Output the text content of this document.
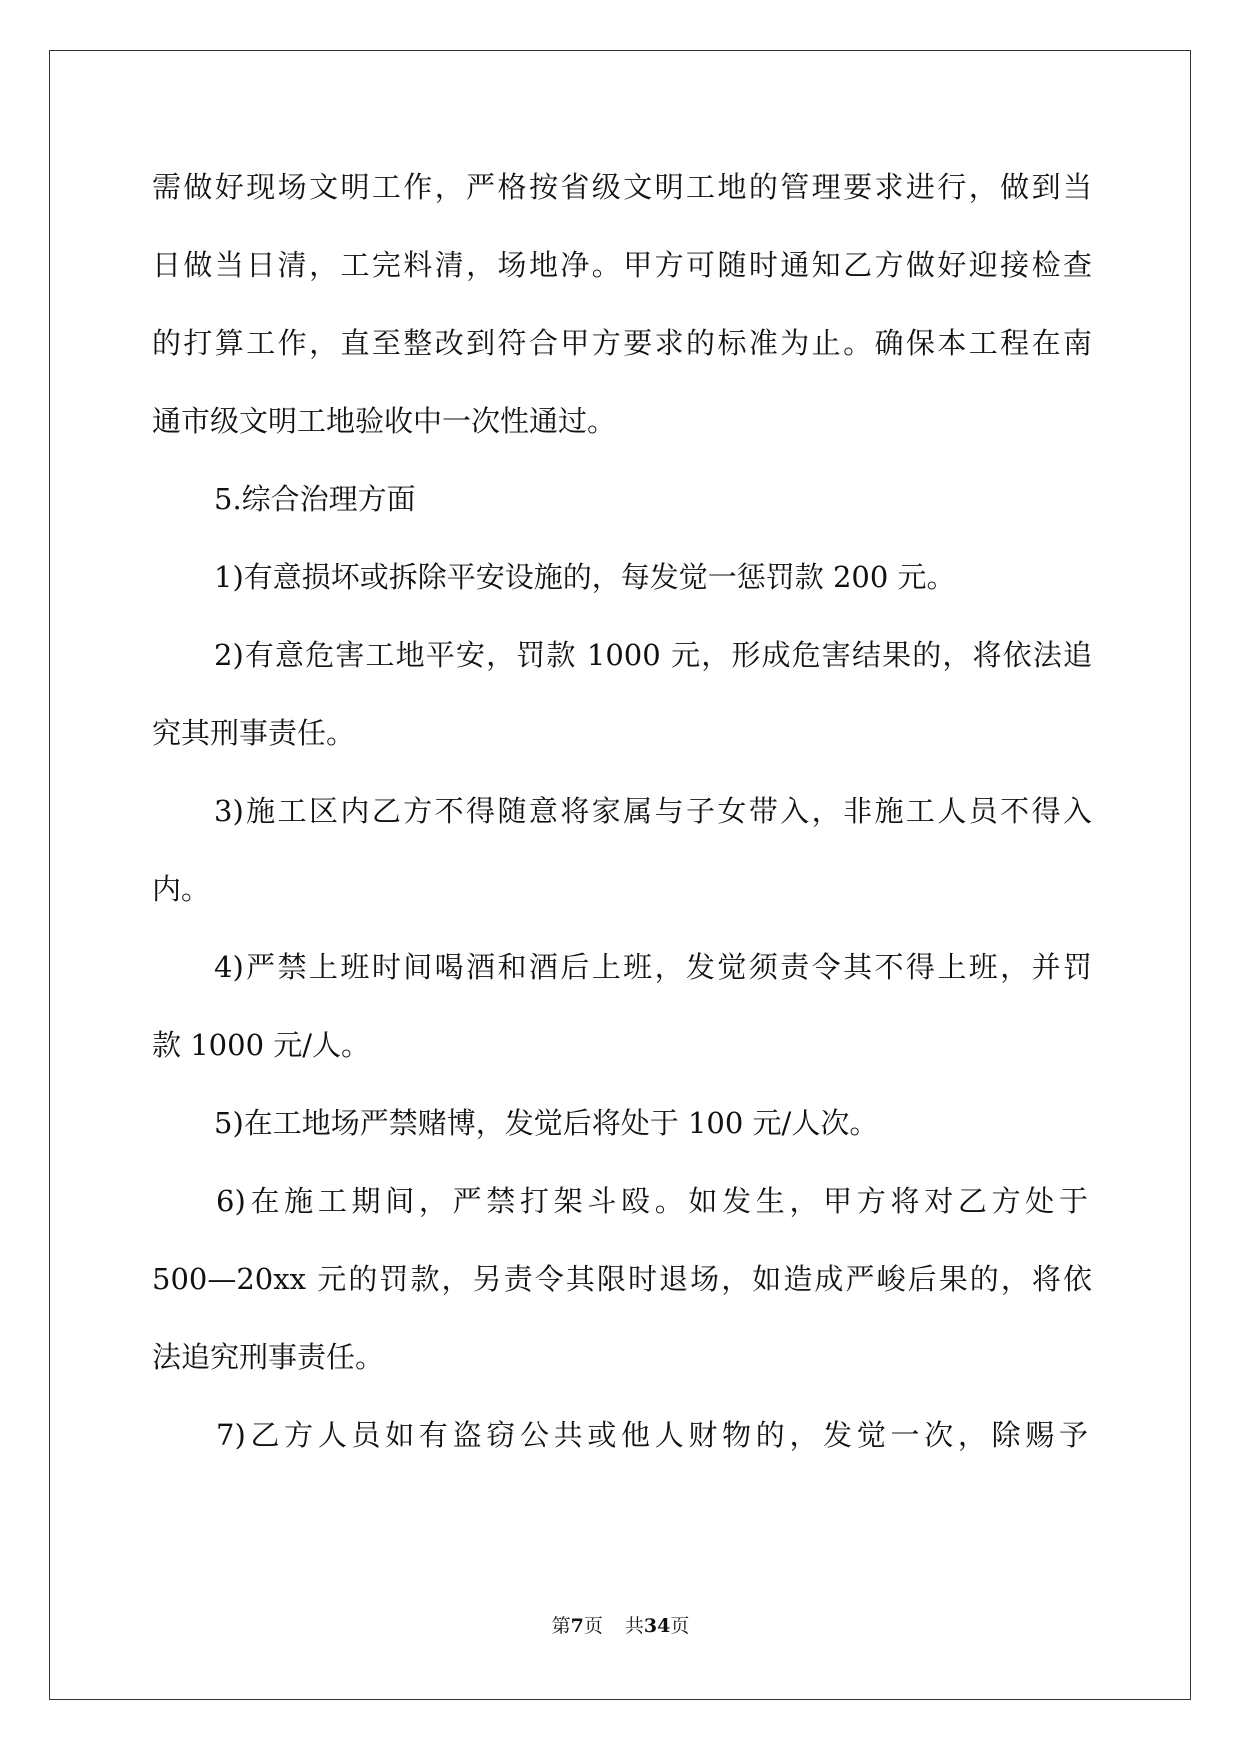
需做好现场文明工作，严格按省级文明工地的管理要求进行，做到当
日做当日清，工完料清，场地净。甲方可随时通知乙方做好迎接检查
的打算工作，直至整改到符合甲方要求的标准为止。确保本工程在南
通市级文明工地验收中一次性通过。
5.综合治理方面
1)有意损坏或拆除平安设施的，每发觉一惩罚款 200 元。
2)有意危害工地平安，罚款 1000 元，形成危害结果的，将依法追
究其刑事责任。
3)施工区内乙方不得随意将家属与子女带入，非施工人员不得入
内。
4)严禁上班时间喝酒和酒后上班，发觉须责令其不得上班，并罚
款 1000 元/人。
5)在工地场严禁赌博，发觉后将处于 100 元/人次。
6)在施工期间，严禁打架斗殴。如发生，甲方将对乙方处于
500—20xx 元的罚款，另责令其限时退场，如造成严峻后果的，将依
法追究刑事责任。
7)乙方人员如有盗窃公共或他人财物的，发觉一次，除赐予
第7页 共34页
